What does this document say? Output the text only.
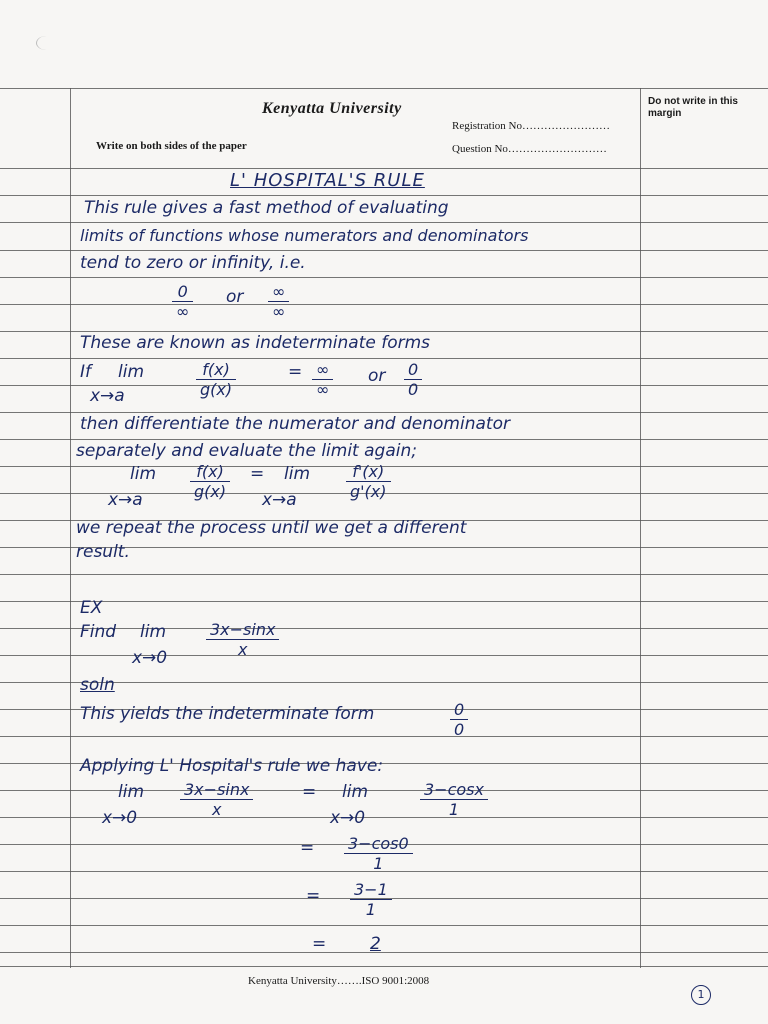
Kenyatta University
Write on both sides of the paper
Registration No……………………
Question No………………………
Do not write in this margin
L' HOSPITAL'S RULE
This rule gives a fast method of evaluating
limits of functions whose numerators and denominators
tend to zero or infinity, i.e.
0
∞
or ∞
∞
These are known as indeterminate forms
If lim
x→a	$\frac{f(x)}{g(x)}$	= ∞
∞
or $\frac{0}{0}$
then differentiate the numerator and denominator
separately and evaluate the limit again;
lim
x→a	$\frac{f(x)}{g(x)} = \lim$
x→a	$\frac{f'(x)}{g'(x)}$
we repeat the process until we get a different
result.
EX
Find lim
$x\to 0 \frac{3x-\sin x}{x}$
soln
This yields the indeterminate form	$\frac{0}{0}$
Applying L' Hospital's rule we have:
lim
x→0	$\frac{3x-\sin x}{x}$	= lim
x→0	$\frac{3-\cos x}{1}$
= $\frac{3-\cos 0}{1}$
= $\frac{3-1}{1}$
=	2
Kenyatta University…….ISO 9001:2008
1
